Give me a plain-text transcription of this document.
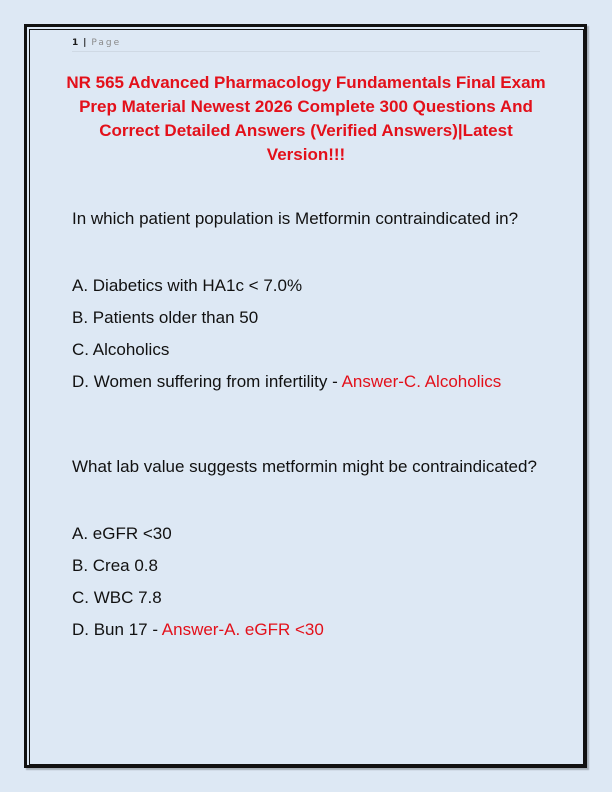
1 | Page
NR 565 Advanced Pharmacology Fundamentals Final Exam Prep Material Newest 2026 Complete 300 Questions And Correct Detailed Answers (Verified Answers)|Latest Version!!!

In which patient population is Metformin contraindicated in?

A. Diabetics with HA1c < 7.0%
B. Patients older than 50
C. Alcoholics
D. Women suffering from infertility - Answer-C. Alcoholics

What lab value suggests metformin might be contraindicated?

A. eGFR <30
B. Crea 0.8
C. WBC 7.8
D. Bun 17 - Answer-A. eGFR <30
